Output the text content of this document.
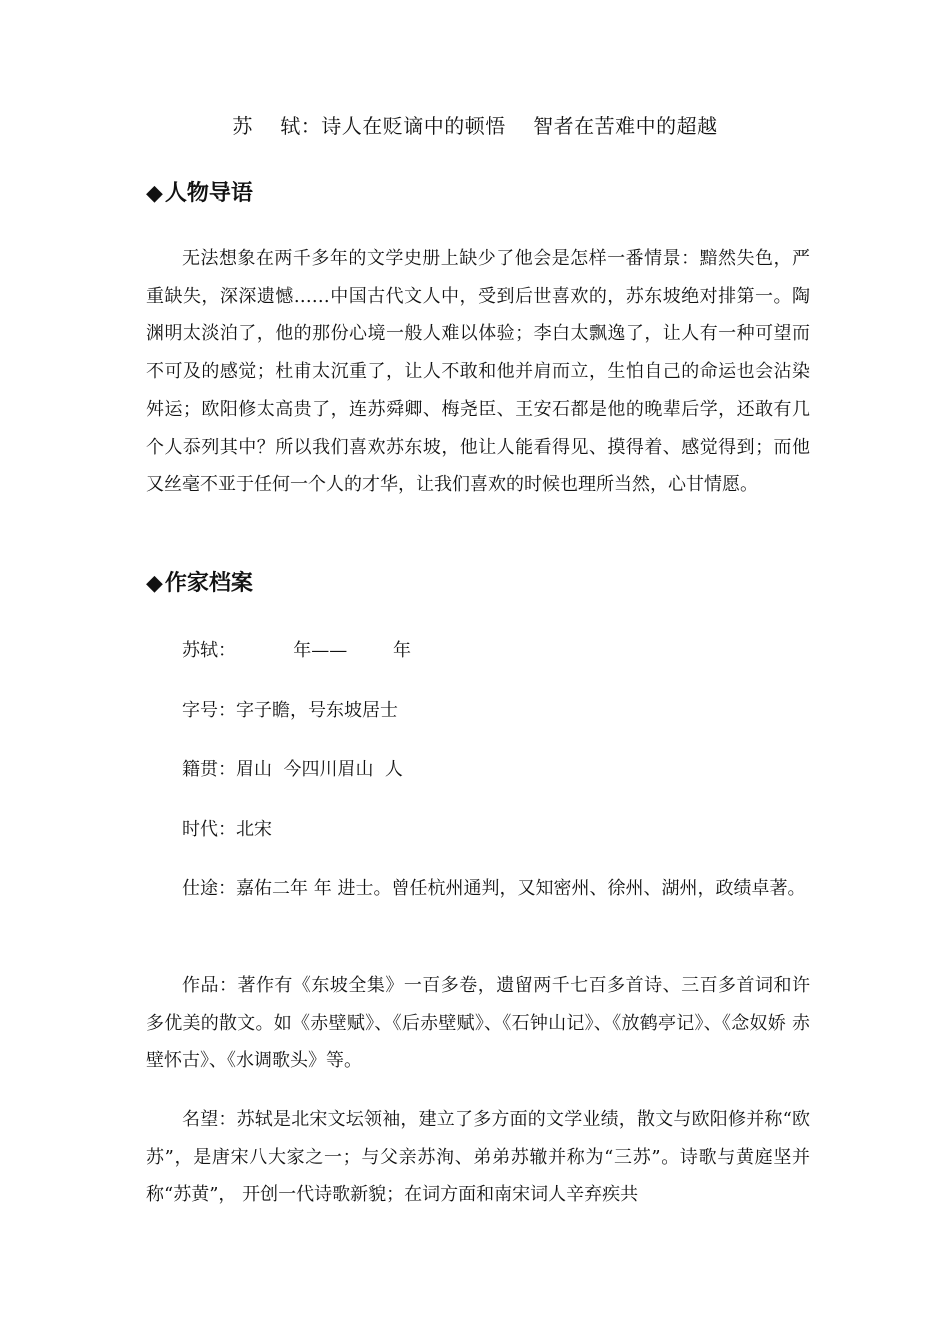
苏    轼：诗人在贬谪中的顿悟    智者在苦难中的超越
◆人物导语
无法想象在两千多年的文学史册上缺少了他会是怎样一番情景：黯然失色，严重缺失，深深遗憾……中国古代文人中，受到后世喜欢的，苏东坡绝对排第一。陶渊明太淡泊了，他的那份心境一般人难以体验；李白太飘逸了，让人有一种可望而不可及的感觉；杜甫太沉重了，让人不敢和他并肩而立，生怕自己的命运也会沾染舛运；欧阳修太高贵了，连苏舜卿、梅尧臣、王安石都是他的晚辈后学，还敢有几个人忝列其中？所以我们喜欢苏东坡，他让人能看得见、摸得着、感觉得到；而他又丝毫不亚于任何一个人的才华，让我们喜欢的时候也理所当然，心甘情愿。
◆作家档案
苏轼：          年——        年
字号：字子瞻，号东坡居士
籍贯：眉山  今四川眉山  人
时代：北宋
仕途：嘉佑二年 年 进士。曾任杭州通判，又知密州、徐州、湖州，政绩卓著。
作品：著作有《东坡全集》一百多卷，遗留两千七百多首诗、三百多首词和许多优美的散文。如《赤壁赋》、《后赤壁赋》、《石钟山记》、《放鹤亭记》、《念奴娇 赤壁怀古》、《水调歌头》等。
名望：苏轼是北宋文坛领袖，建立了多方面的文学业绩，散文与欧阳修并称“欧苏”，是唐宋八大家之一；与父亲苏洵、弟弟苏辙并称为“三苏”。诗歌与黄庭坚并称“苏黄”， 开创一代诗歌新貌；在词方面和南宋词人辛弃疾共
